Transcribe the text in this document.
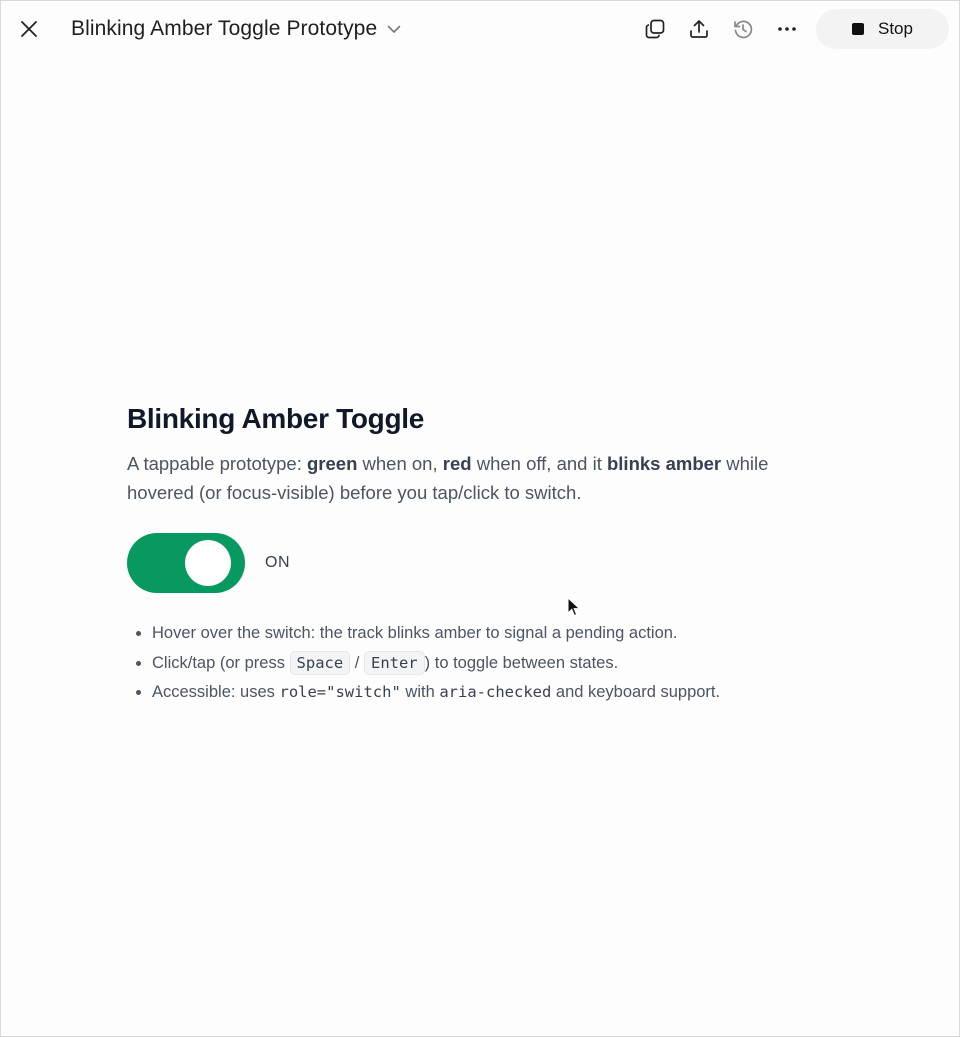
Blinking Amber Toggle Prototype	Stop
Blinking Amber Toggle

A tappable prototype: green when on, red when off, and it blinks amber while hovered (or focus-visible) before you tap/click to switch.

ON
• Hover over the switch: the track blinks amber to signal a pending action.
• Click/tap (or press Space / Enter ) to toggle between states.
• Accessible: uses role="switch" with aria-checked and keyboard support.
